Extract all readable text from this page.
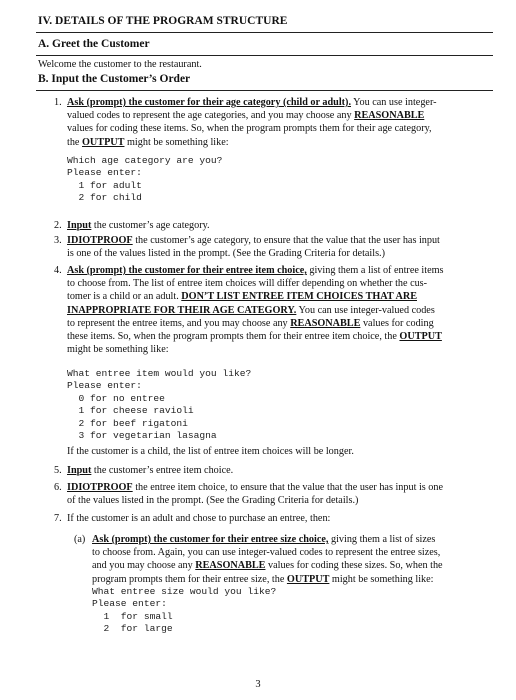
IV. DETAILS OF THE PROGRAM STRUCTURE
A. Greet the Customer
Welcome the customer to the restaurant.
B. Input the Customer’s Order
1. Ask (prompt) the customer for their age category (child or adult). You can use integer-
valued codes to represent the age categories, and you may choose any REASONABLE
values for coding these items. So, when the program prompts them for their age category,
the OUTPUT might be something like:
Which age category are you?
Please enter:
1 for adult
2 for child
2. Input the customer’s age category.
3. IDIOTPROOF the customer’s age category, to ensure that the value that the user has input
is one of the values listed in the prompt. (See the Grading Criteria for details.)
4. Ask (prompt) the customer for their entree item choice, giving them a list of entree items
to choose from. The list of entree item choices will differ depending on whether the cus-
tomer is a child or an adult. DON’T LIST ENTREE ITEM CHOICES THAT ARE
INAPPROPRIATE FOR THEIR AGE CATEGORY. You can use integer-valued codes
to represent the entree items, and you may choose any REASONABLE values for coding
these items. So, when the program prompts them for their entree item choice, the OUTPUT
might be something like:
What entree item would you like?
Please enter:
0 for no entree
1 for cheese ravioli
2 for beef rigatoni
3 for vegetarian lasagna
If the customer is a child, the list of entree item choices will be longer.
5. Input the customer’s entree item choice.
6. IDIOTPROOF the entree item choice, to ensure that the value that the user has input is one
of the values listed in the prompt. (See the Grading Criteria for details.)
7. If the customer is an adult and chose to purchase an entree, then:
(a) Ask (prompt) the customer for their entree size choice, giving them a list of sizes
to choose from. Again, you can use integer-valued codes to represent the entree sizes,
and you may choose any REASONABLE values for coding these sizes. So, when the
program prompts them for their entree size, the OUTPUT might be something like:
What entree size would you like?
Please enter:
1  for small
2  for large
3
